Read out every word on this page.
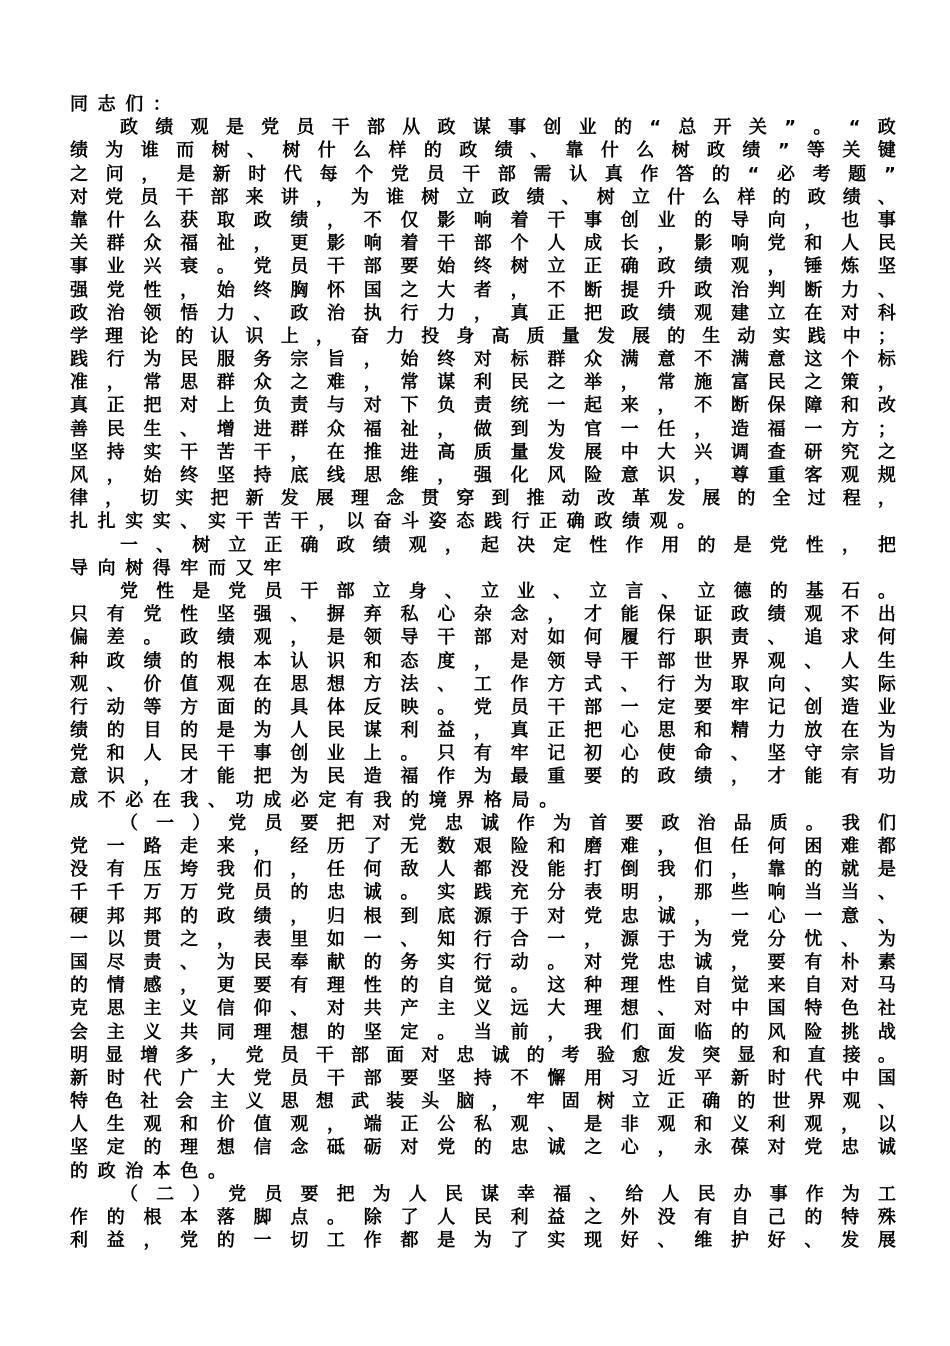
同志们：
政 绩 观 是 党 员 干 部 从 政 谋 事 创 业 的 “ 总 开 关 ” 。 “ 政
绩 为 谁 而 树 、 树 什 么 样 的 政 绩 、 靠 什 么 树 政 绩 ” 等 关 键
之 问 ， 是 新 时 代 每 个 党 员 干 部 需 认 真 作 答 的 “ 必 考 题 ”
对 党 员 干 部 来 讲 ， 为 谁 树 立 政 绩 、 树 立 什 么 样 的 政 绩 、
靠 什 么 获 取 政 绩 ， 不 仅 影 响 着 干 事 创 业 的 导 向 ， 也 事
关 群 众 福 祉 ， 更 影 响 着 干 部 个 人 成 长 ， 影 响 党 和 人 民
事 业 兴 衰 。 党 员 干 部 要 始 终 树 立 正 确 政 绩 观 ， 锤 炼 坚
强 党 性 ， 始 终 胸 怀 国 之 大 者 ， 不 断 提 升 政 治 判 断 力 、
政 治 领 悟 力 、 政 治 执 行 力 ， 真 正 把 政 绩 观 建 立 在 对 科
学 理 论 的 认 识 上 ， 奋 力 投 身 高 质 量 发 展 的 生 动 实 践 中 ；
践 行 为 民 服 务 宗 旨 ， 始 终 对 标 群 众 满 意 不 满 意 这 个 标
准 ， 常 思 群 众 之 难 ， 常 谋 利 民 之 举 ， 常 施 富 民 之 策 ，
真 正 把 对 上 负 责 与 对 下 负 责 统 一 起 来 ， 不 断 保 障 和 改
善 民 生 、 增 进 群 众 福 祉 ， 做 到 为 官 一 任 ， 造 福 一 方 ；
坚 持 实 干 苦 干 ， 在 推 进 高 质 量 发 展 中 大 兴 调 查 研 究 之
风 ， 始 终 坚 持 底 线 思 维 ， 强 化 风 险 意 识 ， 尊 重 客 观 规
律 ， 切 实 把 新 发 展 理 念 贯 穿 到 推 动 改 革 发 展 的 全 过 程 ，
扎扎实实、实干苦干，以奋斗姿态践行正确政绩观。
一 、 树 立 正 确 政 绩 观 ， 起 决 定 性 作 用 的 是 党 性 ， 把
导向树得牢而又牢
党 性 是 党 员 干 部 立 身 、 立 业 、 立 言 、 立 德 的 基 石 。
只 有 党 性 坚 强 、 摒 弃 私 心 杂 念 ， 才 能 保 证 政 绩 观 不 出
偏 差 。 政 绩 观 ， 是 领 导 干 部 对 如 何 履 行 职 责 、 追 求 何
种 政 绩 的 根 本 认 识 和 态 度 ， 是 领 导 干 部 世 界 观 、 人 生
观 、 价 值 观 在 思 想 方 法 、 工 作 方 式 、 行 为 取 向 、 实 际
行 动 等 方 面 的 具 体 反 映 。 党 员 干 部 一 定 要 牢 记 创 造 业
绩 的 目 的 是 为 人 民 谋 利 益 ， 真 正 把 心 思 和 精 力 放 在 为
党 和 人 民 干 事 创 业 上 。 只 有 牢 记 初 心 使 命 、 坚 守 宗 旨
意 识 ， 才 能 把 为 民 造 福 作 为 最 重 要 的 政 绩 ， 才 能 有 功
成不必在我、功成必定有我的境界格局。
（ 一 ） 党 员 要 把 对 党 忠 诚 作 为 首 要 政 治 品 质 。 我 们
党 一 路 走 来 ， 经 历 了 无 数 艰 险 和 磨 难 ， 但 任 何 困 难 都
没 有 压 垮 我 们 ， 任 何 敌 人 都 没 能 打 倒 我 们 ， 靠 的 就 是
千 千 万 万 党 员 的 忠 诚 。 实 践 充 分 表 明 ， 那 些 响 当 当 、
硬 邦 邦 的 政 绩 ， 归 根 到 底 源 于 对 党 忠 诚 ， 一 心 一 意 、
一 以 贯 之 ， 表 里 如 一 、 知 行 合 一 ， 源 于 为 党 分 忧 、 为
国 尽 责 、 为 民 奉 献 的 务 实 行 动 。 对 党 忠 诚 ， 要 有 朴 素
的 情 感 ， 更 要 有 理 性 的 自 觉 。 这 种 理 性 自 觉 来 自 对 马
克 思 主 义 信 仰 、 对 共 产 主 义 远 大 理 想 、 对 中 国 特 色 社
会 主 义 共 同 理 想 的 坚 定 。 当 前 ， 我 们 面 临 的 风 险 挑 战
明 显 增 多 ， 党 员 干 部 面 对 忠 诚 的 考 验 愈 发 突 显 和 直 接 。
新 时 代 广 大 党 员 干 部 要 坚 持 不 懈 用 习 近 平 新 时 代 中 国
特 色 社 会 主 义 思 想 武 装 头 脑 ， 牢 固 树 立 正 确 的 世 界 观 、
人 生 观 和 价 值 观 ， 端 正 公 私 观 、 是 非 观 和 义 利 观 ， 以
坚 定 的 理 想 信 念 砥 砺 对 党 的 忠 诚 之 心 ， 永 葆 对 党 忠 诚
的政治本色。
（ 二 ） 党 员 要 把 为 人 民 谋 幸 福 、 给 人 民 办 事 作 为 工
作 的 根 本 落 脚 点 。 除 了 人 民 利 益 之 外 没 有 自 己 的 特 殊
利 益 ， 党 的 一 切 工 作 都 是 为 了 实 现 好 、 维 护 好 、 发 展
